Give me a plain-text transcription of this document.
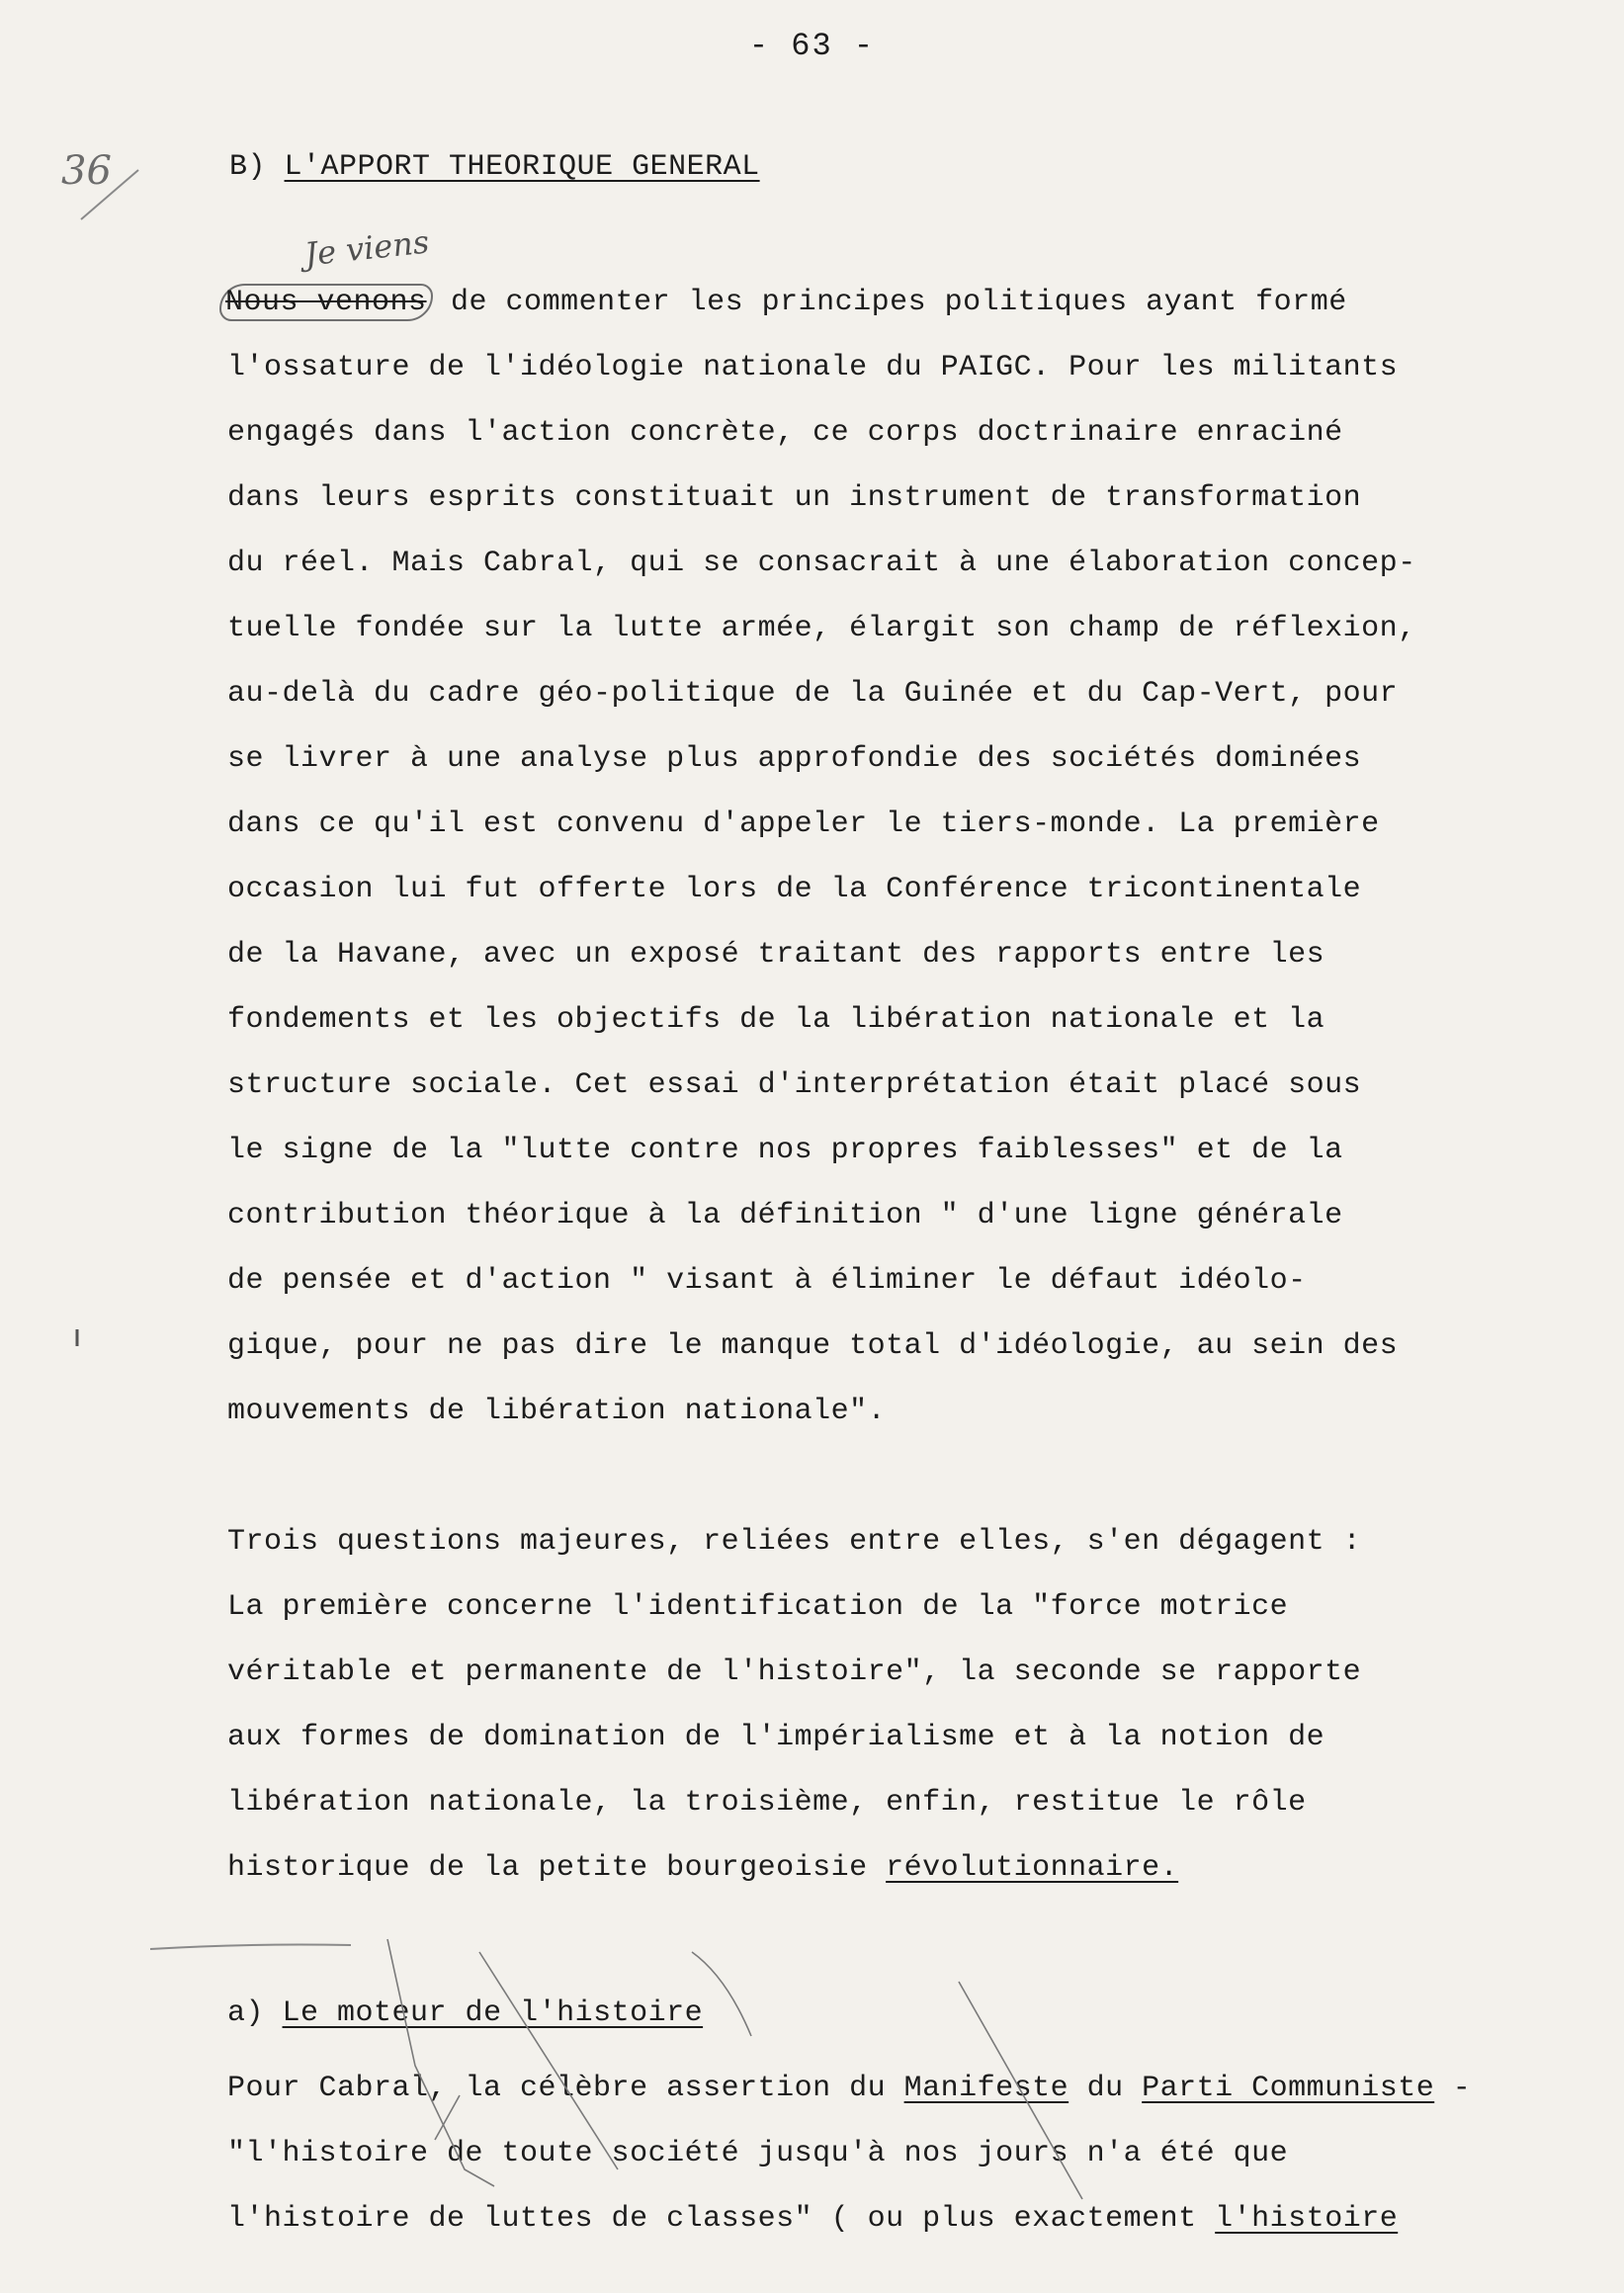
- 63 -
36	B) L'APPORT THEORIQUE GENERAL
Je viens
Nous venons de commenter les principes politiques ayant formé
l'ossature de l'idéologie nationale du PAIGC. Pour les militants
engagés dans l'action concrète, ce corps doctrinaire enraciné
dans leurs esprits constituait un instrument de transformation
du réel. Mais Cabral, qui se consacrait à une élaboration concep-
tuelle fondée sur la lutte armée, élargit son champ de réflexion,
au-delà du cadre géo-politique de la Guinée et du Cap-Vert, pour
se livrer à une analyse plus approfondie des sociétés dominées
dans ce qu'il est convenu d'appeler le tiers-monde. La première
occasion lui fut offerte lors de la Conférence tricontinentale
de la Havane, avec un exposé traitant des rapports entre les
fondements et les objectifs de la libération nationale et la
structure sociale. Cet essai d'interprétation était placé sous
le signe de la "lutte contre nos propres faiblesses" et de la
contribution théorique à la définition " d'une ligne générale
de pensée et d'action " visant à éliminer le défaut idéolo-
gique, pour ne pas dire le manque total d'idéologie, au sein des
mouvements de libération nationale".
Trois questions majeures, reliées entre elles, s'en dégagent :
La première concerne l'identification de la "force motrice
véritable et permanente de l'histoire", la seconde se rapporte
aux formes de domination de l'impérialisme et à la notion de
libération nationale, la troisième, enfin, restitue le rôle
historique de la petite bourgeoisie révolutionnaire.
a) Le moteur de l'histoire
Pour Cabral, la célèbre assertion du Manifeste du Parti Communiste -
"l'histoire de toute société jusqu'à nos jours n'a été que
l'histoire de luttes de classes" ( ou plus exactement l'histoire
